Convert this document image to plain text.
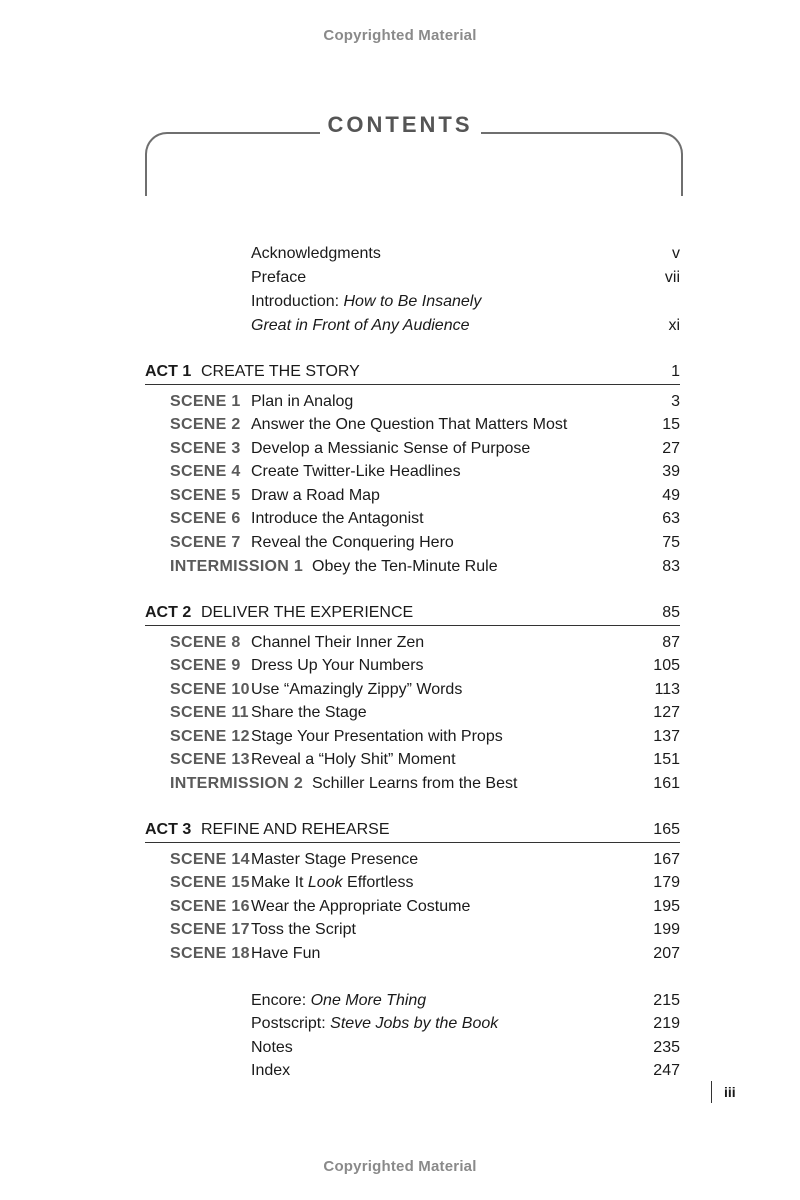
Copyrighted Material
CONTENTS
Acknowledgments	v
Preface	vii
Introduction: How to Be Insanely
Great in Front of Any Audience	xi
ACT 1 CREATE THE STORY	1
SCENE 1 Plan in Analog	3
SCENE 2 Answer the One Question That Matters Most	15
SCENE 3 Develop a Messianic Sense of Purpose	27
SCENE 4 Create Twitter-Like Headlines	39
SCENE 5 Draw a Road Map	49
SCENE 6 Introduce the Antagonist	63
SCENE 7 Reveal the Conquering Hero	75
INTERMISSION 1 Obey the Ten-Minute Rule	83
ACT 2 DELIVER THE EXPERIENCE	85
SCENE 8 Channel Their Inner Zen	87
SCENE 9 Dress Up Your Numbers	105
SCENE 10 Use “Amazingly Zippy” Words	113
SCENE 11 Share the Stage	127
SCENE 12 Stage Your Presentation with Props	137
SCENE 13 Reveal a “Holy Shit” Moment	151
INTERMISSION 2 Schiller Learns from the Best	161
ACT 3 REFINE AND REHEARSE	165
SCENE 14 Master Stage Presence	167
SCENE 15 Make It Look Effortless	179
SCENE 16 Wear the Appropriate Costume	195
SCENE 17 Toss the Script	199
SCENE 18 Have Fun	207
Encore: One More Thing	215
Postscript: Steve Jobs by the Book	219
Notes	235
Index	247
iii
Copyrighted Material
